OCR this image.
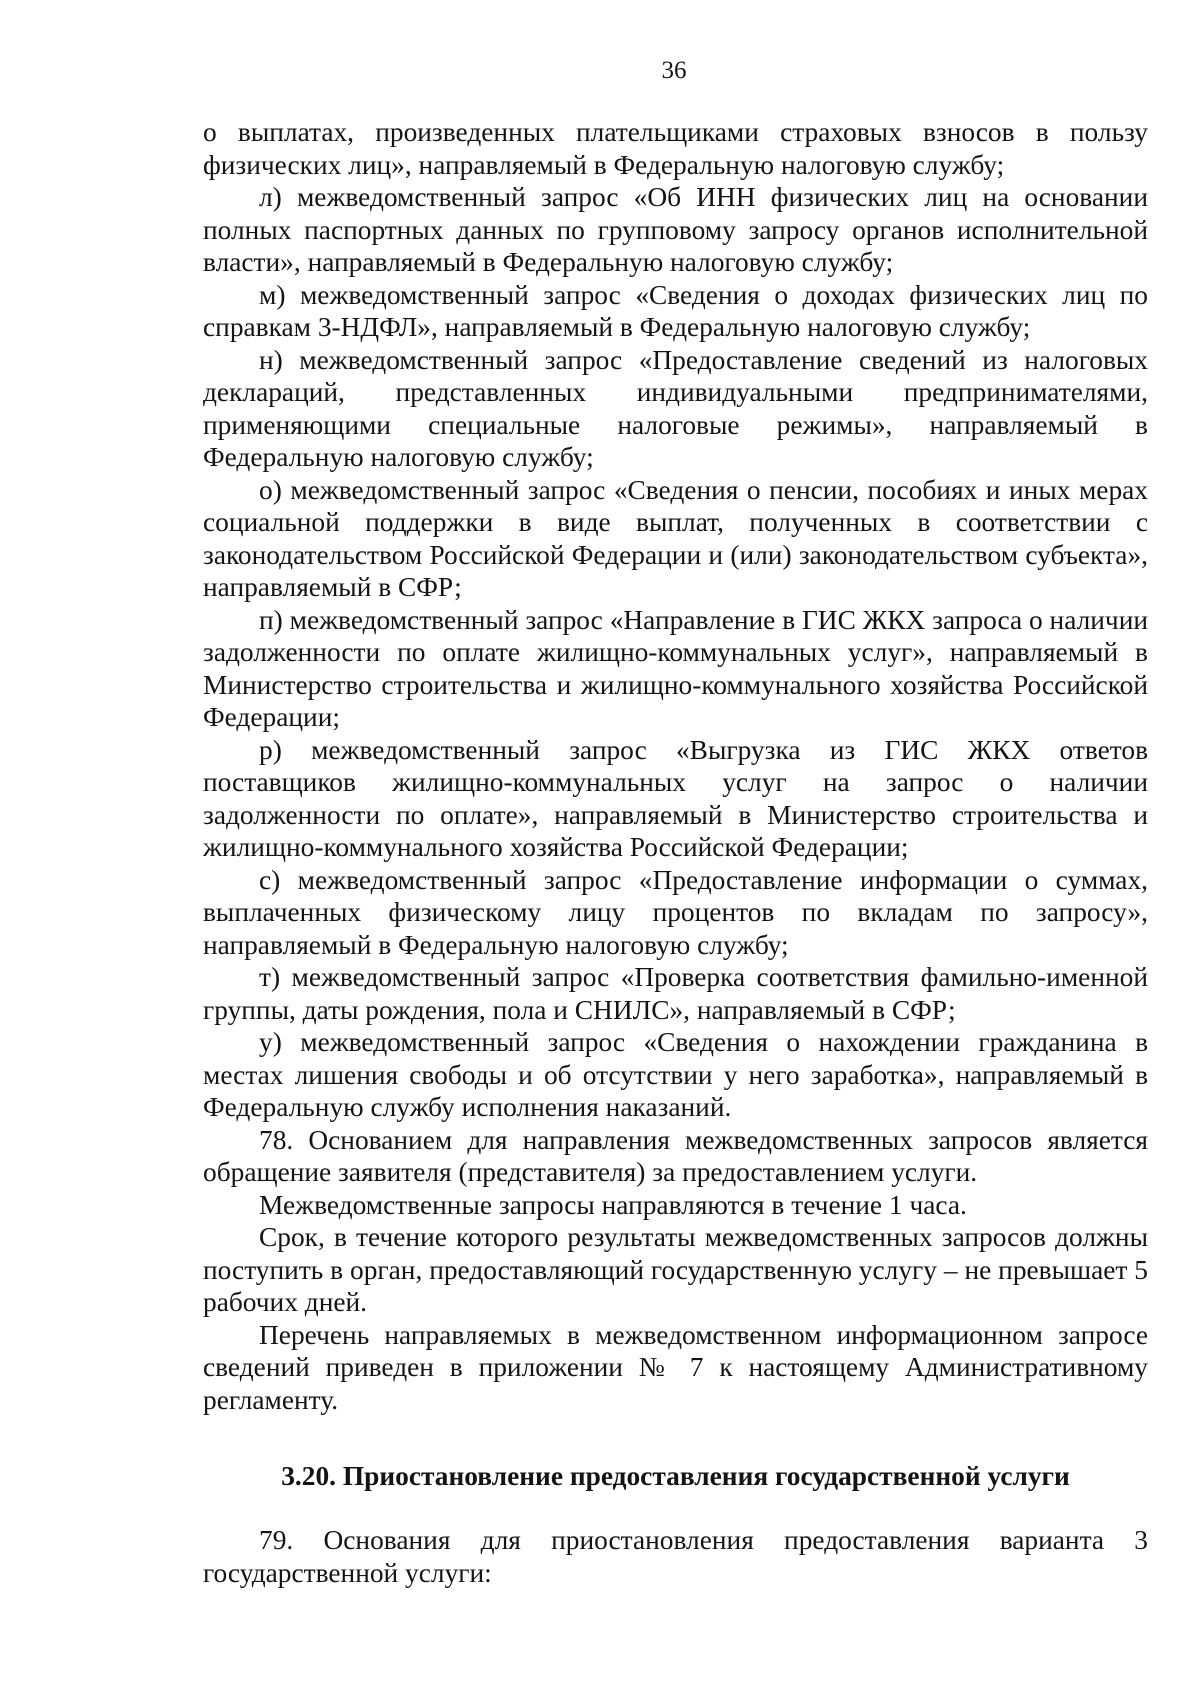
36

о выплатах, произведенных плательщиками страховых взносов в пользу физических лиц», направляемый в Федеральную налоговую службу;

л) межведомственный запрос «Об ИНН физических лиц на основании полных паспортных данных по групповому запросу органов исполнительной власти», направляемый в Федеральную налоговую службу;

м) межведомственный запрос «Сведения о доходах физических лиц по справкам 3-НДФЛ», направляемый в Федеральную налоговую службу;

н) межведомственный запрос «Предоставление сведений из налоговых деклараций, представленных индивидуальными предпринимателями, применяющими специальные налоговые режимы», направляемый в Федеральную налоговую службу;

о) межведомственный запрос «Сведения о пенсии, пособиях и иных мерах социальной поддержки в виде выплат, полученных в соответствии с законодательством Российской Федерации и (или) законодательством субъекта», направляемый в СФР;

п) межведомственный запрос «Направление в ГИС ЖКХ запроса о наличии задолженности по оплате жилищно-коммунальных услуг», направляемый в Министерство строительства и жилищно-коммунального хозяйства Российской Федерации;

р) межведомственный запрос «Выгрузка из ГИС ЖКХ ответов поставщиков жилищно-коммунальных услуг на запрос о наличии задолженности по оплате», направляемый в Министерство строительства и жилищно-коммунального хозяйства Российской Федерации;

с) межведомственный запрос «Предоставление информации о суммах, выплаченных физическому лицу процентов по вкладам по запросу», направляемый в Федеральную налоговую службу;

т) межведомственный запрос «Проверка соответствия фамильно-именной группы, даты рождения, пола и СНИЛС», направляемый в СФР;

у) межведомственный запрос «Сведения о нахождении гражданина в местах лишения свободы и об отсутствии у него заработка», направляемый в Федеральную службу исполнения наказаний.

78. Основанием для направления межведомственных запросов является обращение заявителя (представителя) за предоставлением услуги.

Межведомственные запросы направляются в течение 1 часа.

Срок, в течение которого результаты межведомственных запросов должны поступить в орган, предоставляющий государственную услугу – не превышает 5 рабочих дней.

Перечень направляемых в межведомственном информационном запросе сведений приведен в приложении № 7 к настоящему Административному регламенту.

3.20. Приостановление предоставления государственной услуги

79. Основания для приостановления предоставления варианта 3 государственной услуги:
